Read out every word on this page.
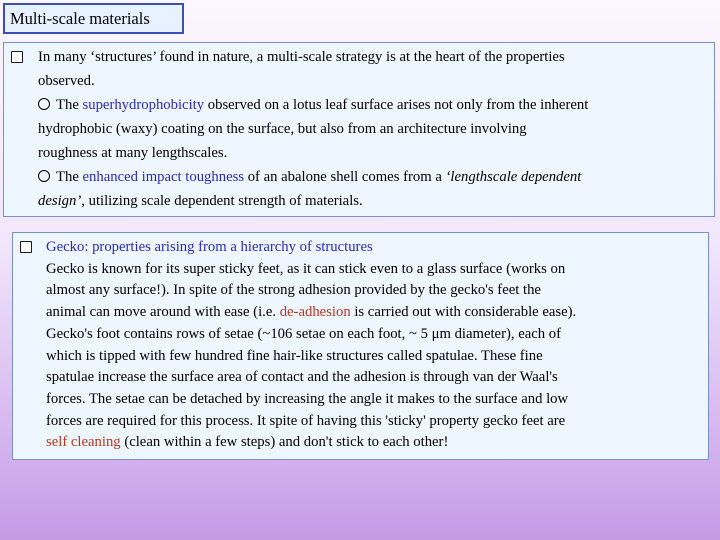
Multi-scale materials
In many ‘structures’ found in nature, a multi-scale strategy is at the heart of the properties
observed.
The superhydrophobicity observed on a lotus leaf surface arises not only from the inherent
hydrophobic (waxy) coating on the surface, but also from an architecture involving
roughness at many lengthscales.
The enhanced impact toughness of an abalone shell comes from a ‘lengthscale dependent
design’, utilizing scale dependent strength of materials.
Gecko: properties arising from a hierarchy of structures
Gecko is known for its super sticky feet, as it can stick even to a glass surface (works on
almost any surface!). In spite of the strong adhesion provided by the gecko's feet the
animal can move around with ease (i.e. de-adhesion is carried out with considerable ease).
Gecko's foot contains rows of setae (~106 setae on each foot, ~ 5 μm diameter), each of
which is tipped with few hundred fine hair-like structures called spatulae. These fine
spatulae increase the surface area of contact and the adhesion is through van der Waal's
forces. The setae can be detached by increasing the angle it makes to the surface and low
forces are required for this process. It spite of having this 'sticky' property gecko feet are
self cleaning (clean within a few steps) and don't stick to each other!
